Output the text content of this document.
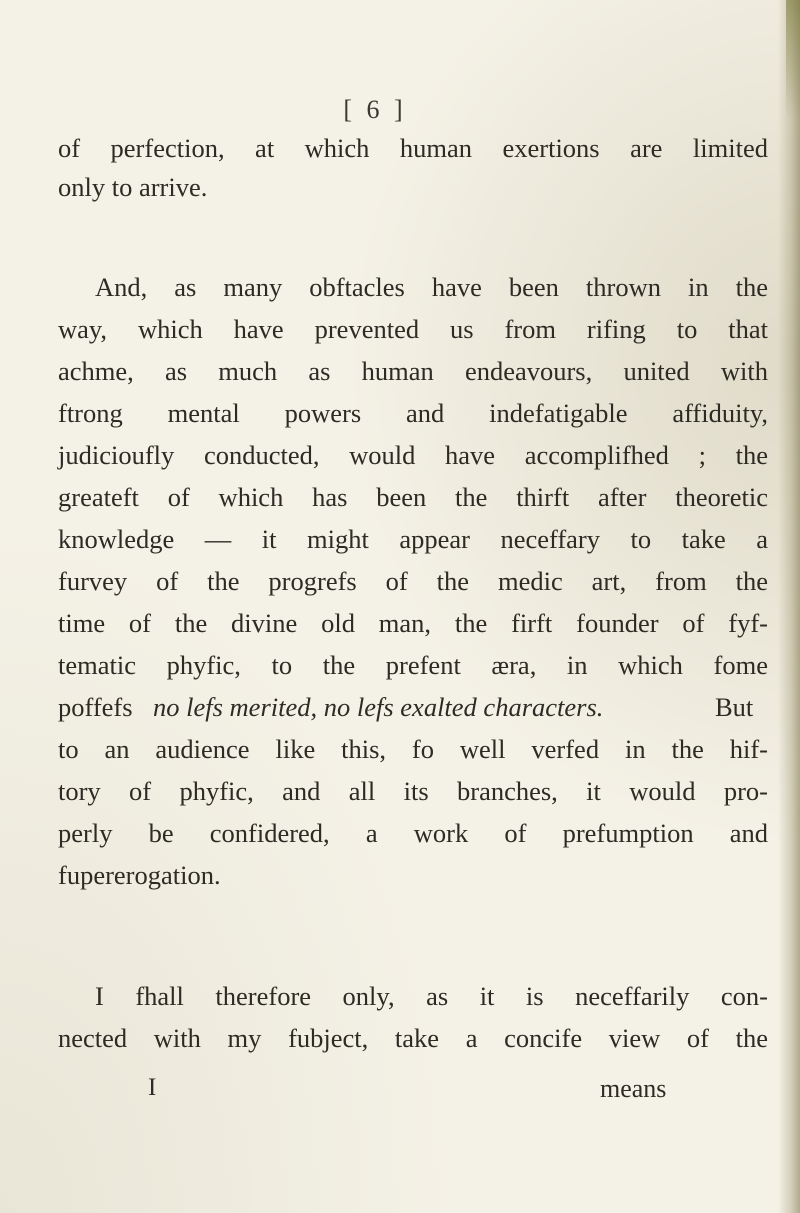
[ 6 ]
of perfection, at which human exertions are limited
only to arrive.
And, as many obftacles have been thrown in the
way, which have prevented us from rifing to that
achme, as much as human endeavours, united with
ftrong mental powers and indefatigable affiduity,
judicioufly conducted, would have accomplifhed ; the
greateft of which has been the thirft after theoretic
knowledge — it might appear neceffary to take a
furvey of the progrefs of the medic art, from the
time of the divine old man, the firft founder of fyf-
tematic phyfic, to the prefent æra, in which fome
poffefs no lefs merited, no lefs exalted characters.	But
to an audience like this, fo well verfed in the hif-
tory of phyfic, and all its branches, it would pro-
perly be confidered, a work of prefumption and
fupererogation.
I fhall therefore only, as it is neceffarily con-
nected with my fubject, take a concife view of the
I	means
